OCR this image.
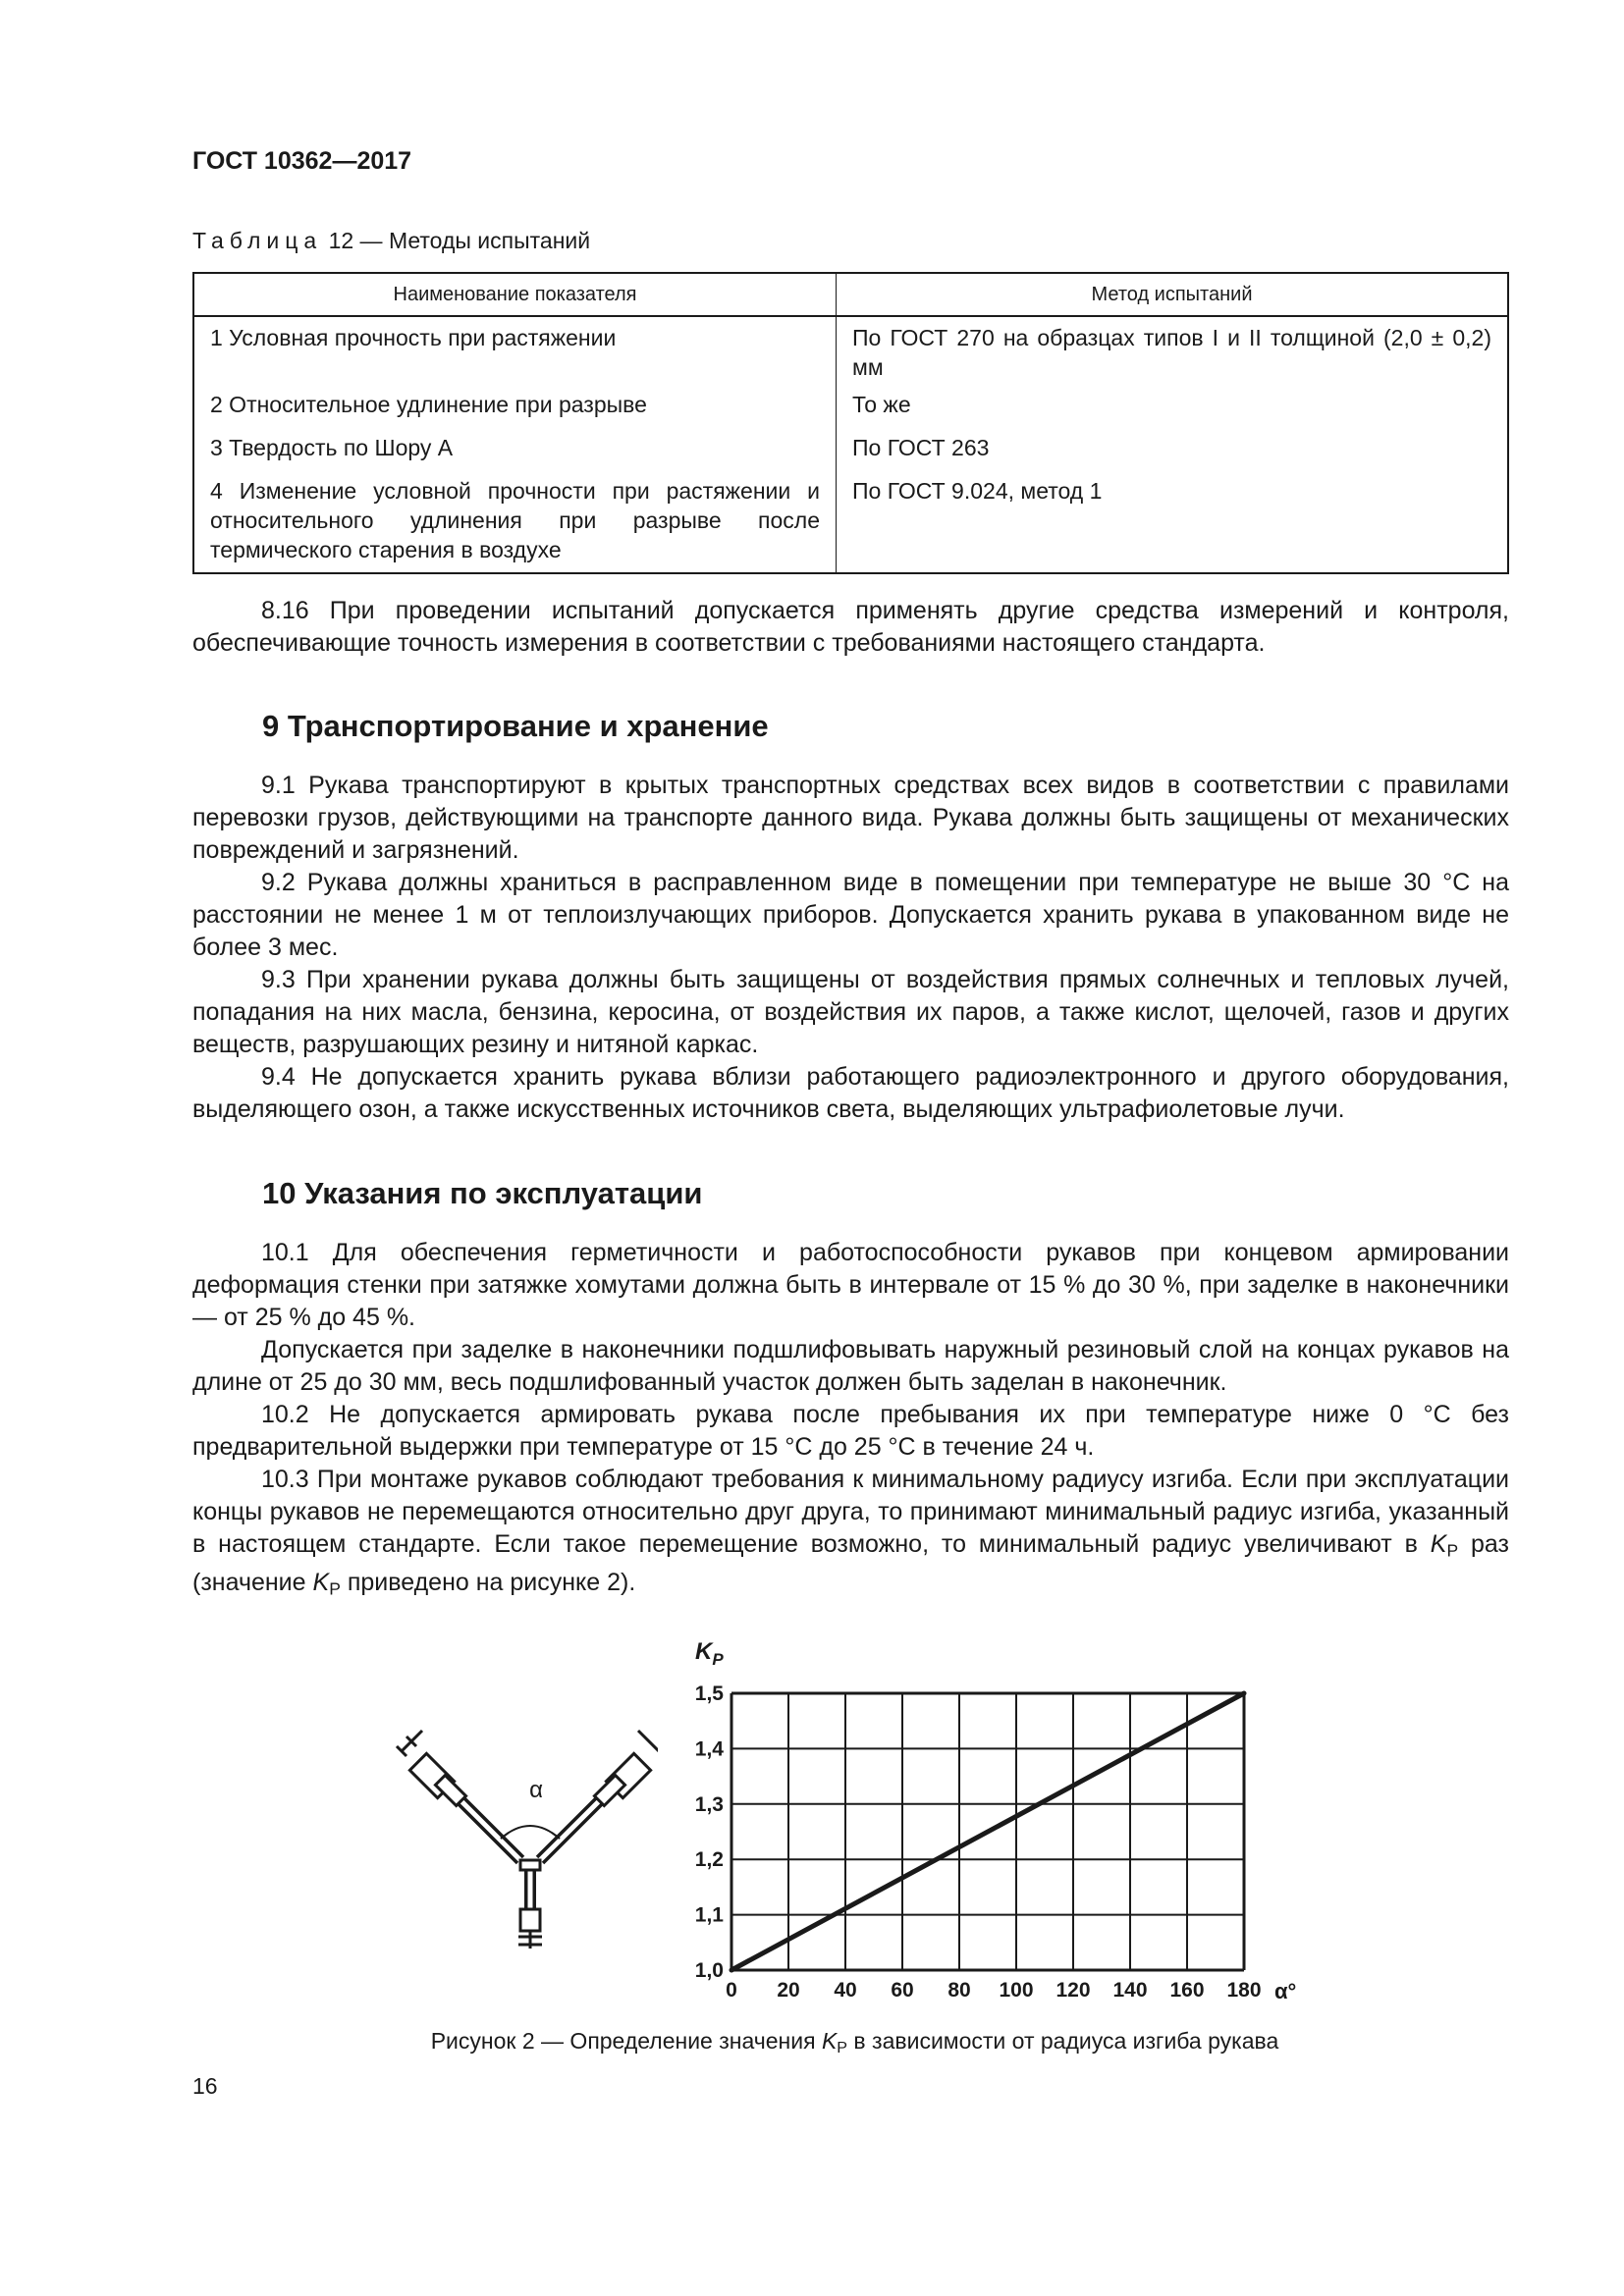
ГОСТ 10362—2017
Таблица 12 — Методы испытаний
Наименование показателя	Метод испытаний
1 Условная прочность при растяжении	По ГОСТ 270 на образцах типов I и II толщиной (2,0 ± 0,2) мм
2 Относительное удлинение при разрыве	То же
3 Твердость по Шору А	По ГОСТ 263
4 Изменение условной прочности при растяжении и относительного удлинения при разрыве после термического старения в воздухе	По ГОСТ 9.024, метод 1
8.16 При проведении испытаний допускается применять другие средства измерений и контроля, обеспечивающие точность измерения в соответствии с требованиями настоящего стандарта.
9 Транспортирование и хранение
9.1 Рукава транспортируют в крытых транспортных средствах всех видов в соответствии с правилами перевозки грузов, действующими на транспорте данного вида. Рукава должны быть защищены от механических повреждений и загрязнений.
9.2 Рукава должны храниться в расправленном виде в помещении при температуре не выше 30 °С на расстоянии не менее 1 м от теплоизлучающих приборов. Допускается хранить рукава в упакованном виде не более 3 мес.
9.3 При хранении рукава должны быть защищены от воздействия прямых солнечных и тепловых лучей, попадания на них масла, бензина, керосина, от воздействия их паров, а также кислот, щелочей, газов и других веществ, разрушающих резину и нитяной каркас.
9.4 Не допускается хранить рукава вблизи работающего радиоэлектронного и другого оборудования, выделяющего озон, а также искусственных источников света, выделяющих ультрафиолетовые лучи.
10 Указания по эксплуатации
10.1 Для обеспечения герметичности и работоспособности рукавов при концевом армировании деформация стенки при затяжке хомутами должна быть в интервале от 15 % до 30 %, при заделке в наконечники — от 25 % до 45 %.
Допускается при заделке в наконечники подшлифовывать наружный резиновый слой на концах рукавов на длине от 25 до 30 мм, весь подшлифованный участок должен быть заделан в наконечник.
10.2 Не допускается армировать рукава после пребывания их при температуре ниже 0 °С без предварительной выдержки при температуре от 15 °С до 25 °С в течение 24 ч.
10.3 При монтаже рукавов соблюдают требования к минимальному радиусу изгиба. Если при эксплуатации концы рукавов не перемещаются относительно друг друга, то принимают минимальный радиус изгиба, указанный в настоящем стандарте. Если такое перемещение возможно, то минимальный радиус увеличивают в $K_P$ раз (значение $K_P$ приведено на рисунке 2).
α
0 20 40 60 80 100 120 140 160 180
1,0
1,1
1,2
1,3
1,4
1,5
$K_P$
α°
Рисунок 2 — Определение значения $K_P$ в зависимости от радиуса изгиба рукава
16
